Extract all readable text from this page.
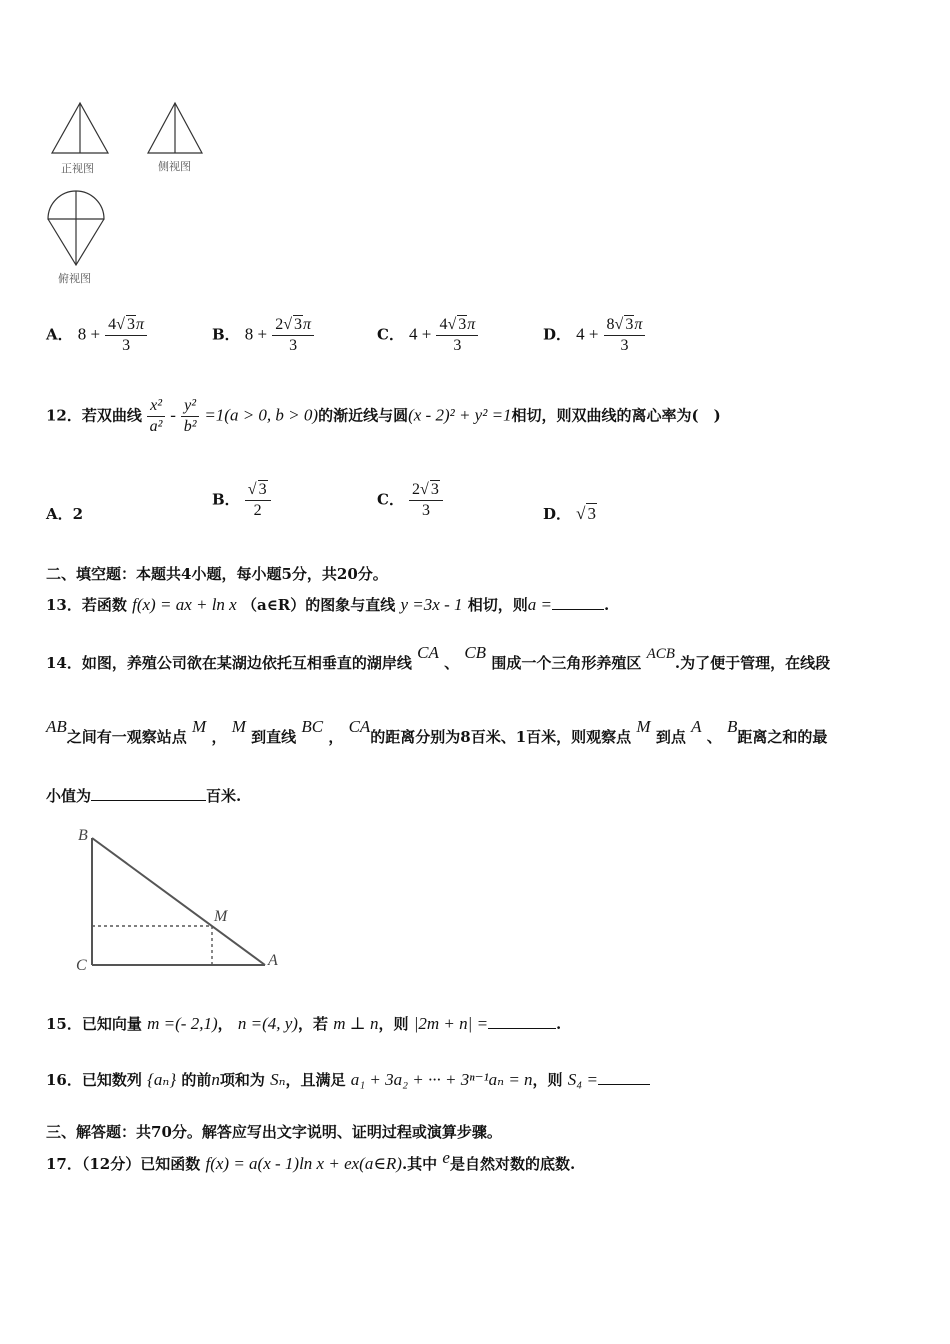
正视图	侧视图
俯视图
A． $8 + \frac{4√ 3\pi}{3}$	B． $8 + \frac{2√ 3\pi}{3}$	C． $4 + \frac{4√ 3\pi}{3}$	D． $4 + \frac{8√ 3\pi}{3}$
12．若双曲线 $\frac{\text{x²}}{\text{a²}} - \frac{\text{y²}}{\text{b²}} =1(a > 0$, b > 0)的渐近线与圆(x - 2)² + y² =1相切，则双曲线的离心率为(　)
A．2
B． $\frac{√ 3}{2}$	C． $\frac{2√ 3}{3}$	D． √ 3
二、填空题：本题共4小题，每小题5分，共20分。
13．若函数 f(x) = ax + ln x （a∈R）的图象与直线 y =3x - 1 相切，则a =	.
14．如图，养殖公司欲在某湖边依托互相垂直的湖岸线 CA 、 CB 围成一个三角形养殖区 ACB.为了便于管理，在线段
AB之间有一观察站点 M ， M 到直线 BC ， CA的距离分别为8百米、1百米，则观察点 M 到点 A 、 B距离之和的最
小值为	百米.
B
M
C	A
15．已知向量 m =(- 2,1)， n =(4, y)，若 m ⊥ n，则 |2m + n| =	.
16．已知数列 {aₙ} 的前n项和为 Sₙ，且满足 a₁ + 3a₂ + ··· + 3ⁿ⁻¹aₙ = n，则 S₄ =
三、解答题：共70分。解答应写出文字说明、证明过程或演算步骤。
17．（12分）已知函数 f(x) = a(x - 1)ln x + ex(a∈R).其中 e是自然对数的底数.
